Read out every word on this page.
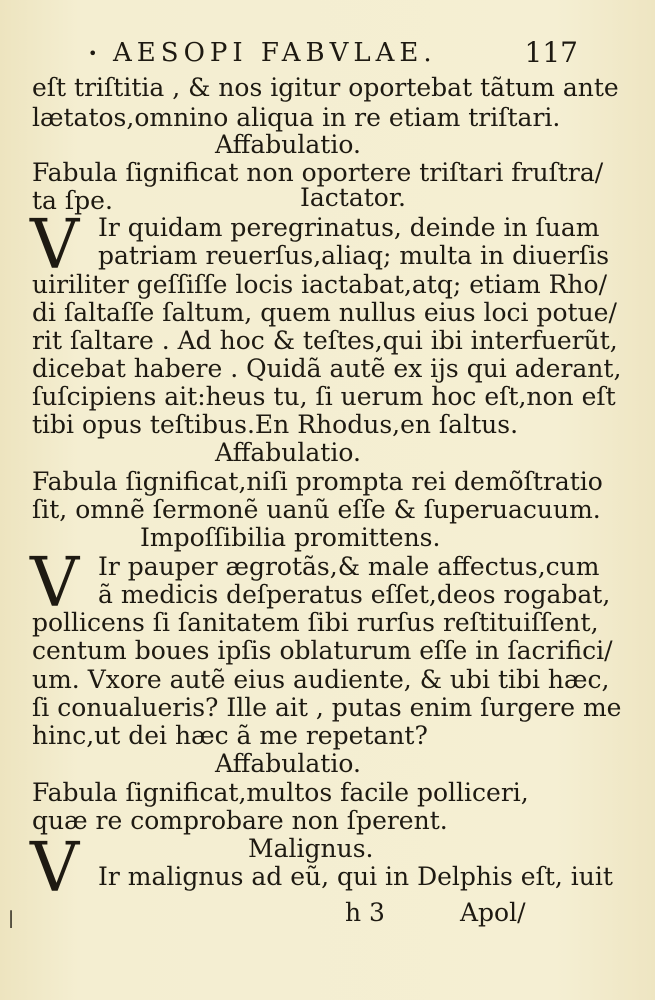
• AESOPI FABVLAE.	117
eſt triſtitia , & nos igitur oportebat tãtum ante
lætatos,omnino aliqua in re etiam triſtari.
Affabulatio.
Fabula ſignificat non oportere triſtari fruſtra/
ta ſpe.	Iactator.
V Ir quidam peregrinatus, deinde in ſuam
patriam reuerſus,aliaq; multa in diuerſis
uiriliter geſſiſſe locis iactabat,atq; etiam Rho/
di ſaltaſſe ſaltum, quem nullus eius loci potue/
rit ſaltare . Ad hoc & teſtes,qui ibi interfuerũt,
dicebat habere . Quidã autẽ ex ijs qui aderant,
ſuſcipiens ait:heus tu, ſi uerum hoc eſt,non eſt
tibi opus teſtibus.En Rhodus,en ſaltus.
Affabulatio.
Fabula ſignificat,niſi prompta rei demõſtratio
ſit, omnẽ ſermonẽ uanũ eſſe & ſuperuacuum.
Impoſſibilia promittens.
V Ir pauper ægrotãs,& male affectus,cum
ã medicis deſperatus eſſet,deos rogabat,
pollicens ſi ſanitatem ſibi rurſus reſtituiſſent,
centum boues ipſis oblaturum eſſe in ſacrifici/
um. Vxore autẽ eius audiente, & ubi tibi hæc,
ſi conualueris? Ille ait , putas enim ſurgere me
hinc,ut dei hæc ã me repetant?
Affabulatio.
Fabula ſignificat,multos facile polliceri,
quæ re comprobare non ſperent.
V	Malignus.
Ir malignus ad eũ, qui in Delphis eſt, iuit
|	h 3	Apol/
